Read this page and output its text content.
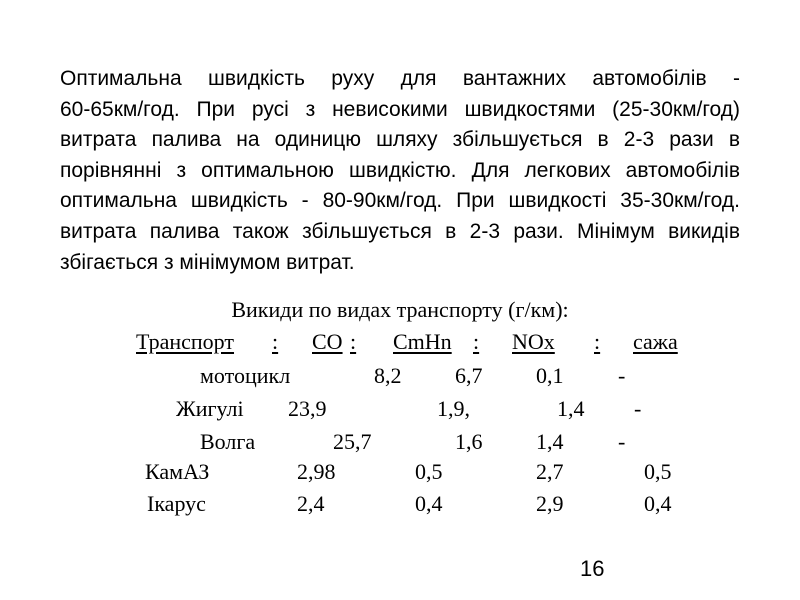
Оптимальна швидкість руху для вантажних автомобілів -
60-65км/год. При русі з невисокими швидкостями (25-30км/год)
витрата палива на одиницю шляху збільшується в 2-3 рази в
порівнянні з оптимальною швидкістю. Для легкових автомобілів
оптимальна швидкість - 80-90км/год. При швидкості 35-30км/год.
витрата палива також збільшується в 2-3 рази. Мінімум викидів
збігається з мінімумом витрат.
Викиди по видах транспорту (г/км):
Транспорт : CO : CmHn : NOx : сажа
мотоцикл	8,2 6,7 0,1 -
Жигулі 23,9	1,9,	1,4 -
Волга	25,7	1,6 1,4 -
КамАЗ	2,98	0,5	2,7	0,5
Ікарус	2,4	0,4	2,9	0,4
16
